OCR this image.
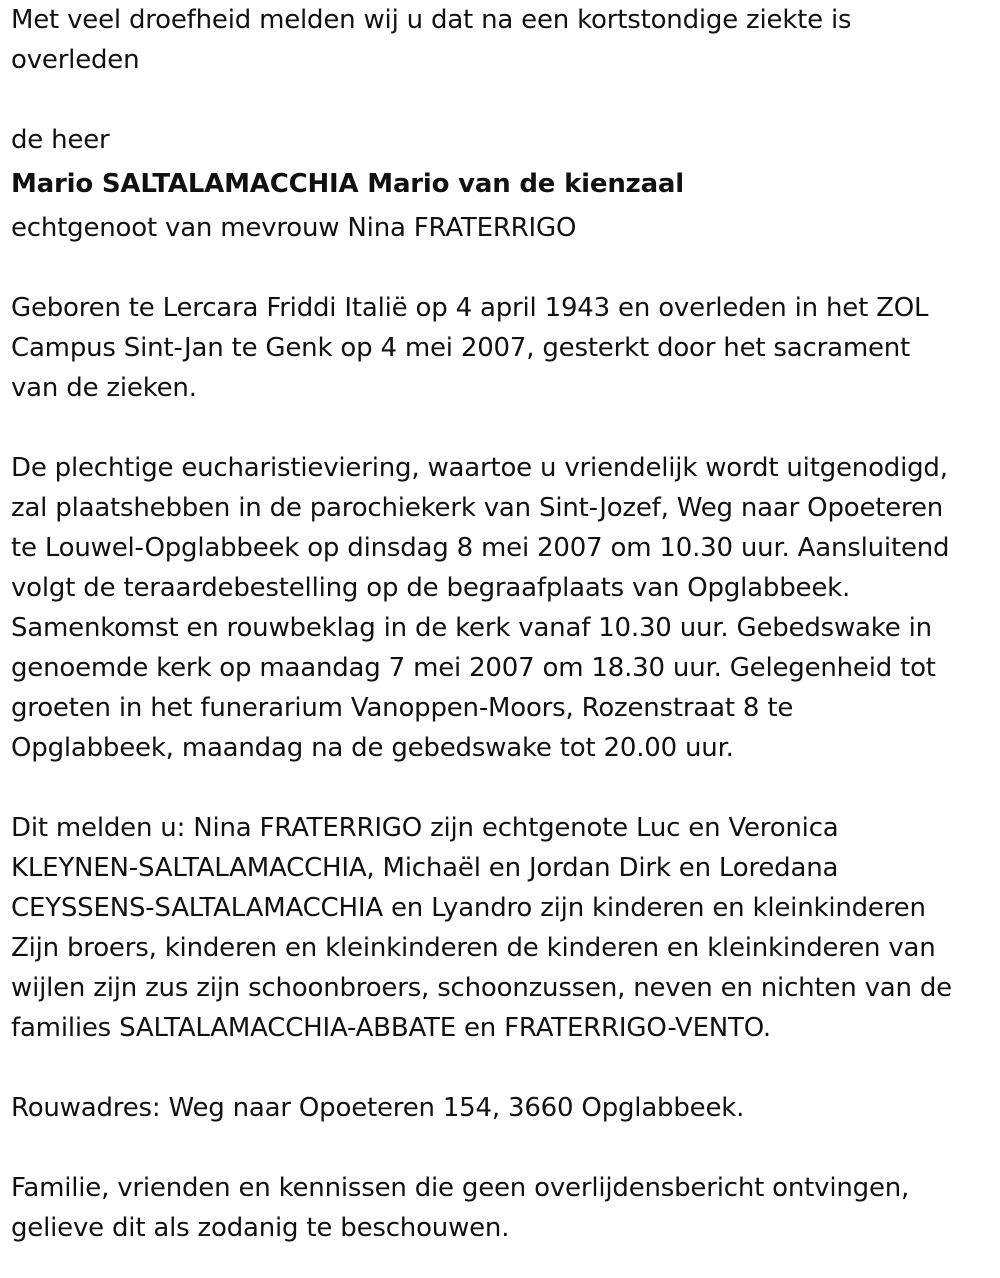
Met veel droefheid melden wij u dat na een kortstondige ziekte is
overleden

de heer

Mario SALTALAMACCHIA Mario van de kienzaal

echtgenoot van mevrouw Nina FRATERRIGO

Geboren te Lercara Friddi Italië op 4 april 1943 en overleden in het ZOL
Campus Sint-Jan te Genk op 4 mei 2007, gesterkt door het sacrament
van de zieken.

De plechtige eucharistieviering, waartoe u vriendelijk wordt uitgenodigd,
zal plaatshebben in de parochiekerk van Sint-Jozef, Weg naar Opoeteren
te Louwel-Opglabbeek op dinsdag 8 mei 2007 om 10.30 uur. Aansluitend
volgt de teraardebestelling op de begraafplaats van Opglabbeek.
Samenkomst en rouwbeklag in de kerk vanaf 10.30 uur. Gebedswake in
genoemde kerk op maandag 7 mei 2007 om 18.30 uur. Gelegenheid tot
groeten in het funerarium Vanoppen-Moors, Rozenstraat 8 te
Opglabbeek, maandag na de gebedswake tot 20.00 uur.

Dit melden u: Nina FRATERRIGO zijn echtgenote Luc en Veronica
KLEYNEN-SALTALAMACCHIA, Michaël en Jordan Dirk en Loredana
CEYSSENS-SALTALAMACCHIA en Lyandro zijn kinderen en kleinkinderen
Zijn broers, kinderen en kleinkinderen de kinderen en kleinkinderen van
wijlen zijn zus zijn schoonbroers, schoonzussen, neven en nichten van de
families SALTALAMACCHIA-ABBATE en FRATERRIGO-VENTO.

Rouwadres: Weg naar Opoeteren 154, 3660 Opglabbeek.

Familie, vrienden en kennissen die geen overlijdensbericht ontvingen,
gelieve dit als zodanig te beschouwen.
